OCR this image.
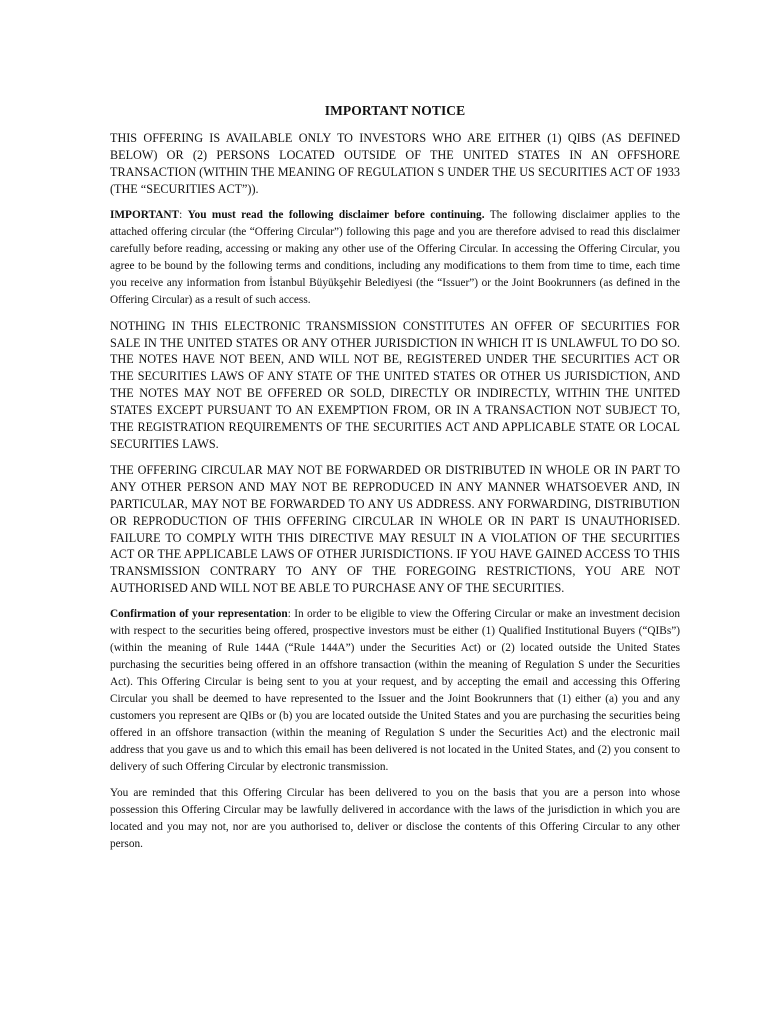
IMPORTANT NOTICE

THIS OFFERING IS AVAILABLE ONLY TO INVESTORS WHO ARE EITHER (1) QIBS (AS DEFINED BELOW) OR (2) PERSONS LOCATED OUTSIDE OF THE UNITED STATES IN AN OFFSHORE TRANSACTION (WITHIN THE MEANING OF REGULATION S UNDER THE US SECURITIES ACT OF 1933 (THE “SECURITIES ACT”)).

IMPORTANT: You must read the following disclaimer before continuing. The following disclaimer applies to the attached offering circular (the “Offering Circular”) following this page and you are therefore advised to read this disclaimer carefully before reading, accessing or making any other use of the Offering Circular. In accessing the Offering Circular, you agree to be bound by the following terms and conditions, including any modifications to them from time to time, each time you receive any information from İstanbul Büyükşehir Belediyesi (the “Issuer”) or the Joint Bookrunners (as defined in the Offering Circular) as a result of such access.

NOTHING IN THIS ELECTRONIC TRANSMISSION CONSTITUTES AN OFFER OF SECURITIES FOR SALE IN THE UNITED STATES OR ANY OTHER JURISDICTION IN WHICH IT IS UNLAWFUL TO DO SO. THE NOTES HAVE NOT BEEN, AND WILL NOT BE, REGISTERED UNDER THE SECURITIES ACT OR THE SECURITIES LAWS OF ANY STATE OF THE UNITED STATES OR OTHER US JURISDICTION, AND THE NOTES MAY NOT BE OFFERED OR SOLD, DIRECTLY OR INDIRECTLY, WITHIN THE UNITED STATES EXCEPT PURSUANT TO AN EXEMPTION FROM, OR IN A TRANSACTION NOT SUBJECT TO, THE REGISTRATION REQUIREMENTS OF THE SECURITIES ACT AND APPLICABLE STATE OR LOCAL SECURITIES LAWS.

THE OFFERING CIRCULAR MAY NOT BE FORWARDED OR DISTRIBUTED IN WHOLE OR IN PART TO ANY OTHER PERSON AND MAY NOT BE REPRODUCED IN ANY MANNER WHATSOEVER AND, IN PARTICULAR, MAY NOT BE FORWARDED TO ANY US ADDRESS. ANY FORWARDING, DISTRIBUTION OR REPRODUCTION OF THIS OFFERING CIRCULAR IN WHOLE OR IN PART IS UNAUTHORISED. FAILURE TO COMPLY WITH THIS DIRECTIVE MAY RESULT IN A VIOLATION OF THE SECURITIES ACT OR THE APPLICABLE LAWS OF OTHER JURISDICTIONS. IF YOU HAVE GAINED ACCESS TO THIS TRANSMISSION CONTRARY TO ANY OF THE FOREGOING RESTRICTIONS, YOU ARE NOT AUTHORISED AND WILL NOT BE ABLE TO PURCHASE ANY OF THE SECURITIES.

Confirmation of your representation: In order to be eligible to view the Offering Circular or make an investment decision with respect to the securities being offered, prospective investors must be either (1) Qualified Institutional Buyers (“QIBs”) (within the meaning of Rule 144A (“Rule 144A”) under the Securities Act) or (2) located outside the United States purchasing the securities being offered in an offshore transaction (within the meaning of Regulation S under the Securities Act). This Offering Circular is being sent to you at your request, and by accepting the email and accessing this Offering Circular you shall be deemed to have represented to the Issuer and the Joint Bookrunners that (1) either (a) you and any customers you represent are QIBs or (b) you are located outside the United States and you are purchasing the securities being offered in an offshore transaction (within the meaning of Regulation S under the Securities Act) and the electronic mail address that you gave us and to which this email has been delivered is not located in the United States, and (2) you consent to delivery of such Offering Circular by electronic transmission.

You are reminded that this Offering Circular has been delivered to you on the basis that you are a person into whose possession this Offering Circular may be lawfully delivered in accordance with the laws of the jurisdiction in which you are located and you may not, nor are you authorised to, deliver or disclose the contents of this Offering Circular to any other person.
